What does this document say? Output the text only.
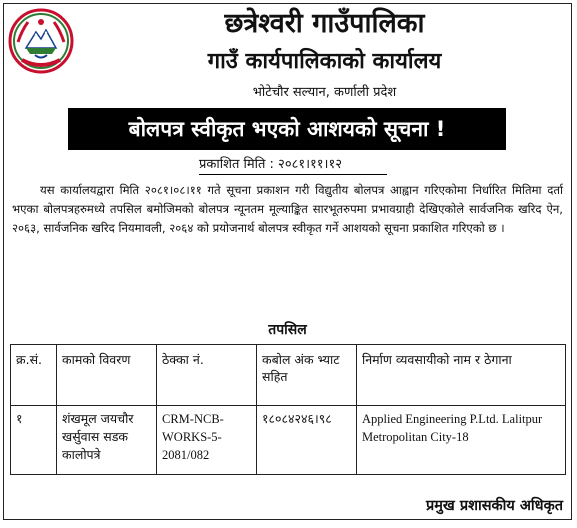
छत्रेश्वरी गाउँपालिका
गाउँ कार्यपालिकाको कार्यालय
भोटेचौर सल्यान, कर्णाली प्रदेश
बोलपत्र स्वीकृत भएको आशयको सूचना !
प्रकाशित मिति : २०८१।११।१२
यस कार्यालयद्वारा मिति २०८१।०८।११ गते सूचना प्रकाशन गरी विद्युतीय बोलपत्र आह्वान गरिएकोमा निर्धारित मितिमा दर्ता भएका बोलपत्रहरुमध्ये तपसिल बमोजिमको बोलपत्र न्यूनतम मूल्याङ्कित सारभूतरुपमा प्रभावग्राही देखिएकोले सार्वजनिक खरिद ऐन, २०६३, सार्वजनिक खरिद नियमावली, २०६४ को प्रयोजनार्थ बोलपत्र स्वीकृत गर्ने आशयको सूचना प्रकाशित गरिएको छ ।
तपसिल
क्र.सं.	कामको विवरण	ठेक्का नं.	कबोल अंक भ्याट सहित	निर्माण व्यवसायीको नाम र ठेगाना
१	शंखमूल जयचौर खर्सुवास सडक कालोपत्रे	CRM-NCB-WORKS-5-2081/082	१८०८४२४६।९८	Applied Engineering P.Ltd. Lalitpur Metropolitan City-18
प्रमुख प्रशासकीय अधिकृत
